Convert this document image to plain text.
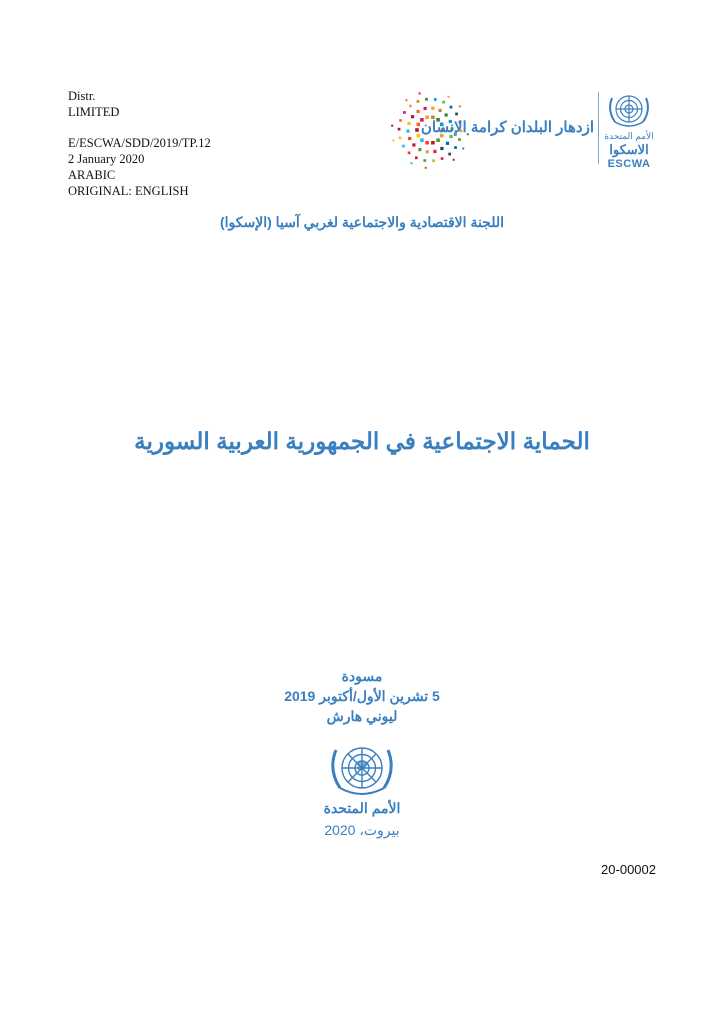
Distr.
LIMITED
E/ESCWA/SDD/2019/TP.12
2 January 2020
ARABIC
ORIGINAL: ENGLISH
ازدهار البلدان كرامة الإنسان	الأمم المتحدة
الاسكوا
ESCWA
اللجنة الاقتصادية والاجتماعية لغربي آسيا (الإسكوا)
الحماية الاجتماعية في الجمهورية العربية السورية
مسودة
5 تشرين الأول/أكتوبر 2019
ليوني هارش
الأمم المتحدة
بيروت، 2020
20-00002
